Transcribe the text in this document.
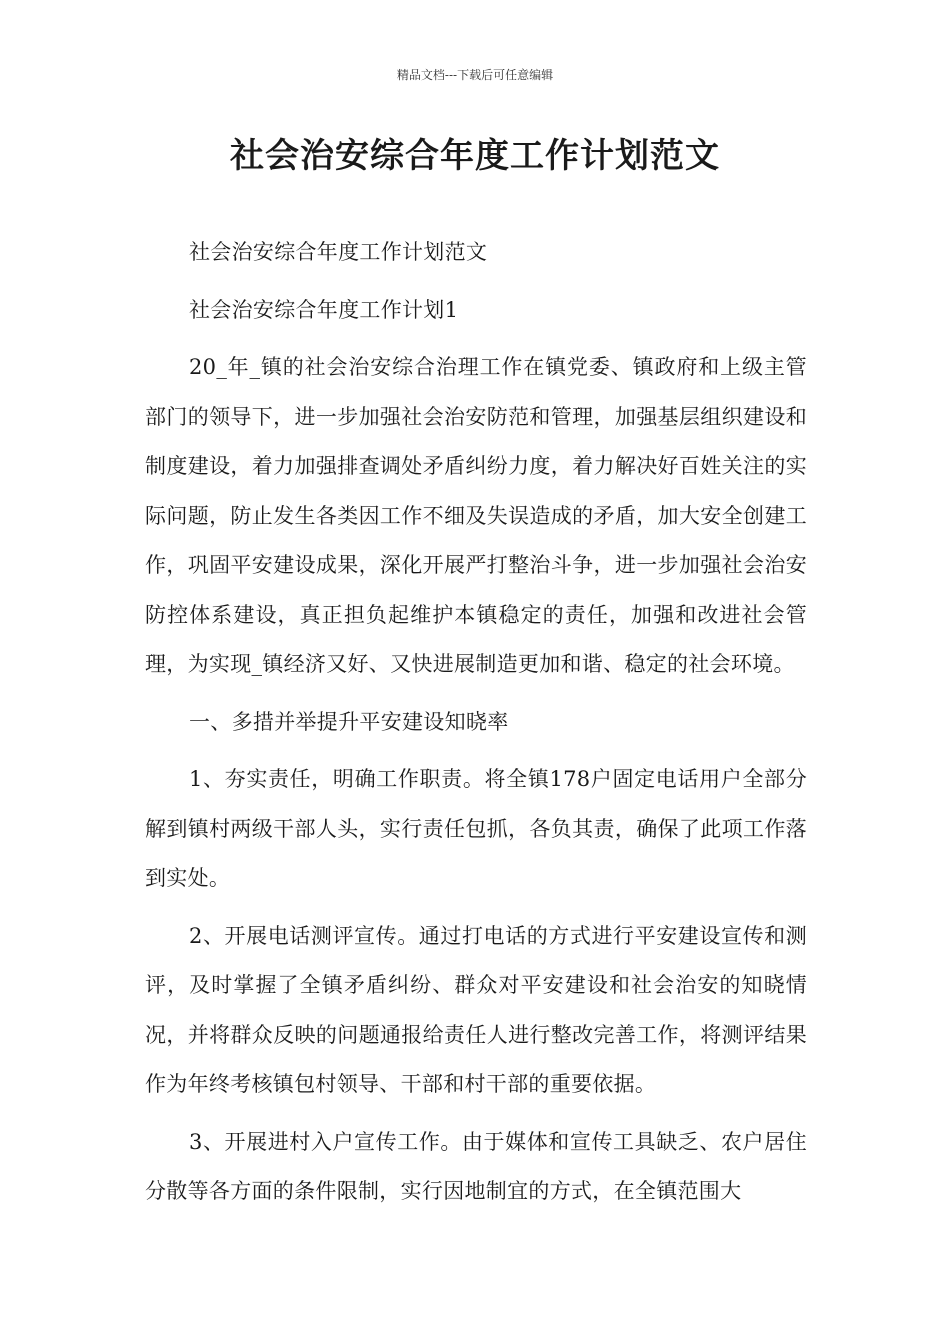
精品文档---下载后可任意编辑
社会治安综合年度工作计划范文

社会治安综合年度工作计划范文

社会治安综合年度工作计划1

20_年_镇的社会治安综合治理工作在镇党委、镇政府和上级主管部门的领导下，进一步加强社会治安防范和管理，加强基层组织建设和制度建设，着力加强排查调处矛盾纠纷力度，着力解决好百姓关注的实际问题，防止发生各类因工作不细及失误造成的矛盾，加大安全创建工作，巩固平安建设成果，深化开展严打整治斗争，进一步加强社会治安防控体系建设，真正担负起维护本镇稳定的责任，加强和改进社会管理，为实现_镇经济又好、又快进展制造更加和谐、稳定的社会环境。

一、多措并举提升平安建设知晓率

1、夯实责任，明确工作职责。将全镇178户固定电话用户全部分解到镇村两级干部人头，实行责任包抓，各负其责，确保了此项工作落到实处。

2、开展电话测评宣传。通过打电话的方式进行平安建设宣传和测评，及时掌握了全镇矛盾纠纷、群众对平安建设和社会治安的知晓情况，并将群众反映的问题通报给责任人进行整改完善工作，将测评结果作为年终考核镇包村领导、干部和村干部的重要依据。

3、开展进村入户宣传工作。由于媒体和宣传工具缺乏、农户居住分散等各方面的条件限制，实行因地制宜的方式，在全镇范围大
